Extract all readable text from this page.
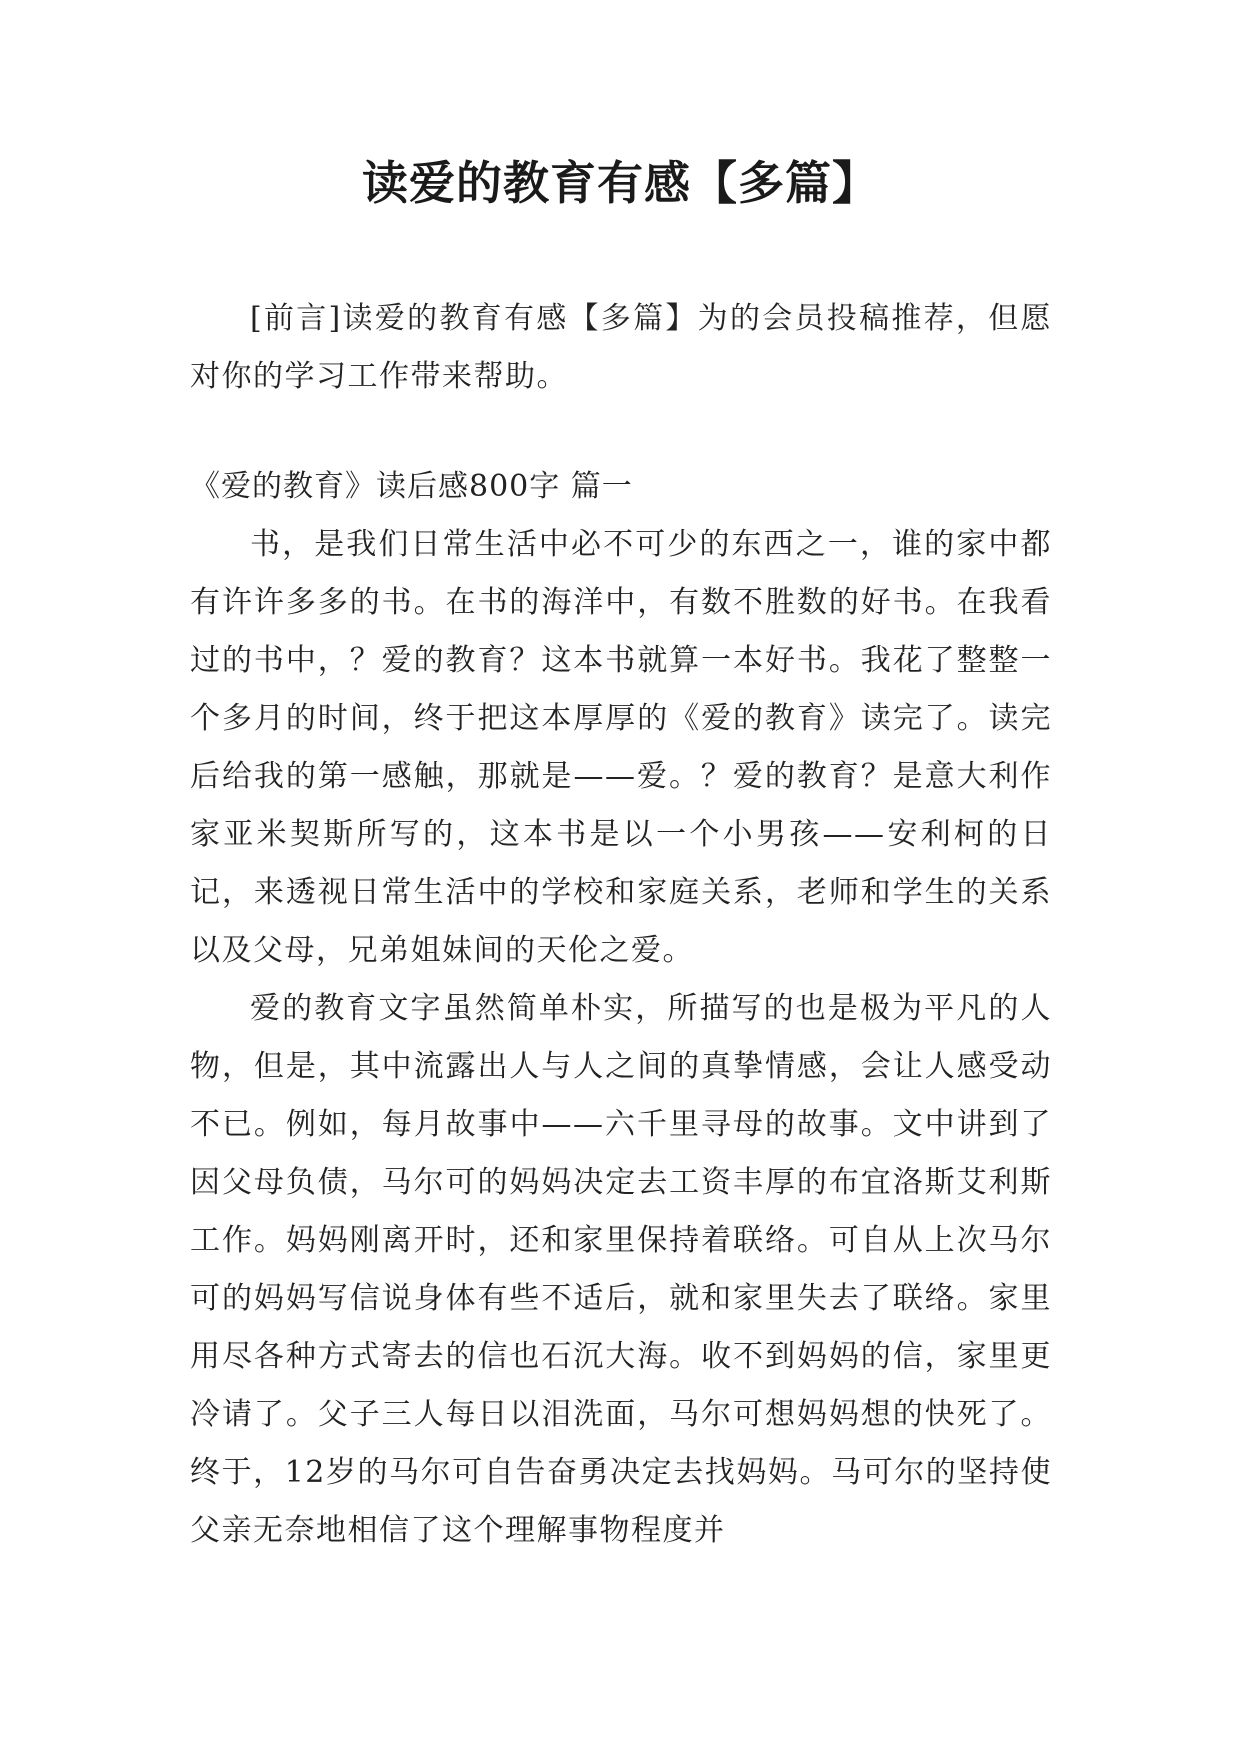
读爱的教育有感【多篇】

[前言]读爱的教育有感【多篇】为的会员投稿推荐，但愿对你的学习工作带来帮助。

《爱的教育》读后感800字 篇一

书，是我们日常生活中必不可少的东西之一，谁的家中都有许许多多的书。在书的海洋中，有数不胜数的好书。在我看过的书中，？爱的教育？这本书就算一本好书。我花了整整一个多月的时间，终于把这本厚厚的《爱的教育》读完了。读完后给我的第一感触，那就是——爱。？爱的教育？是意大利作家亚米契斯所写的，这本书是以一个小男孩——安利柯的日记，来透视日常生活中的学校和家庭关系，老师和学生的关系以及父母，兄弟姐妹间的天伦之爱。

爱的教育文字虽然简单朴实，所描写的也是极为平凡的人物，但是，其中流露出人与人之间的真挚情感，会让人感受动不已。例如，每月故事中——六千里寻母的故事。文中讲到了因父母负债，马尔可的妈妈决定去工资丰厚的布宜洛斯艾利斯工作。妈妈刚离开时，还和家里保持着联络。可自从上次马尔可的妈妈写信说身体有些不适后，就和家里失去了联络。家里用尽各种方式寄去的信也石沉大海。收不到妈妈的信，家里更冷请了。父子三人每日以泪洗面，马尔可想妈妈想的快死了。终于，12岁的马尔可自告奋勇决定去找妈妈。马可尔的坚持使父亲无奈地相信了这个理解事物程度并
